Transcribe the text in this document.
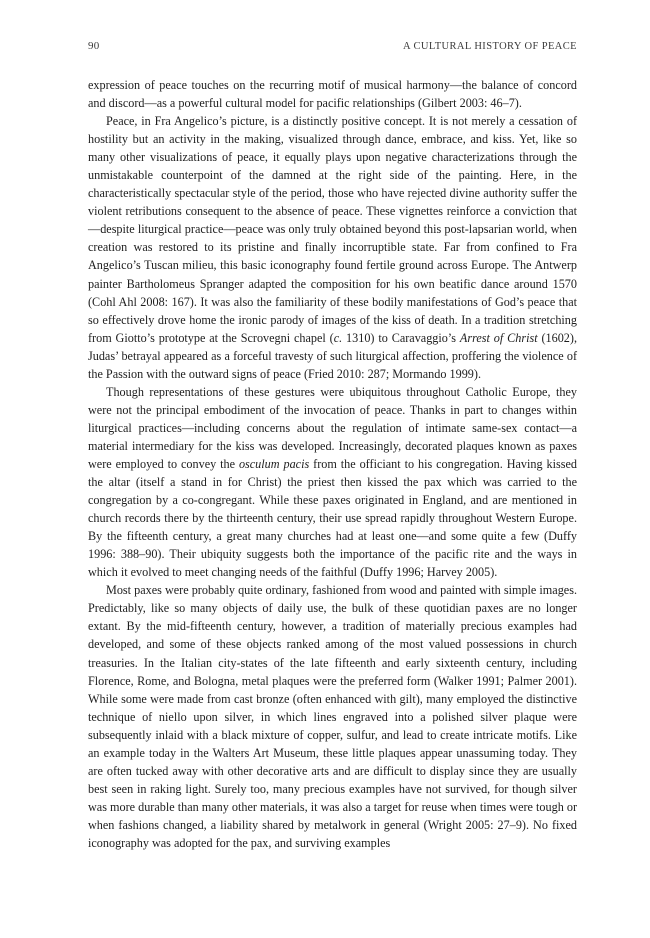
90	A CULTURAL HISTORY OF PEACE

expression of peace touches on the recurring motif of musical harmony—the balance of concord and discord—as a powerful cultural model for pacific relationships (Gilbert 2003: 46–7).

Peace, in Fra Angelico’s picture, is a distinctly positive concept. It is not merely a cessation of hostility but an activity in the making, visualized through dance, embrace, and kiss. Yet, like so many other visualizations of peace, it equally plays upon negative characterizations through the unmistakable counterpoint of the damned at the right side of the painting. Here, in the characteristically spectacular style of the period, those who have rejected divine authority suffer the violent retributions consequent to the absence of peace. These vignettes reinforce a conviction that—despite liturgical practice—peace was only truly obtained beyond this post-lapsarian world, when creation was restored to its pristine and finally incorruptible state. Far from confined to Fra Angelico’s Tuscan milieu, this basic iconography found fertile ground across Europe. The Antwerp painter Bartholomeus Spranger adapted the composition for his own beatific dance around 1570 (Cohl Ahl 2008: 167). It was also the familiarity of these bodily manifestations of God’s peace that so effectively drove home the ironic parody of images of the kiss of death. In a tradition stretching from Giotto’s prototype at the Scrovegni chapel (c. 1310) to Caravaggio’s Arrest of Christ (1602), Judas’ betrayal appeared as a forceful travesty of such liturgical affection, proffering the violence of the Passion with the outward signs of peace (Fried 2010: 287; Mormando 1999).

Though representations of these gestures were ubiquitous throughout Catholic Europe, they were not the principal embodiment of the invocation of peace. Thanks in part to changes within liturgical practices—including concerns about the regulation of intimate same-sex contact—a material intermediary for the kiss was developed. Increasingly, decorated plaques known as paxes were employed to convey the osculum pacis from the officiant to his congregation. Having kissed the altar (itself a stand in for Christ) the priest then kissed the pax which was carried to the congregation by a co-congregant. While these paxes originated in England, and are mentioned in church records there by the thirteenth century, their use spread rapidly throughout Western Europe. By the fifteenth century, a great many churches had at least one—and some quite a few (Duffy 1996: 388–90). Their ubiquity suggests both the importance of the pacific rite and the ways in which it evolved to meet changing needs of the faithful (Duffy 1996; Harvey 2005).

Most paxes were probably quite ordinary, fashioned from wood and painted with simple images. Predictably, like so many objects of daily use, the bulk of these quotidian paxes are no longer extant. By the mid-fifteenth century, however, a tradition of materially precious examples had developed, and some of these objects ranked among of the most valued possessions in church treasuries. In the Italian city-states of the late fifteenth and early sixteenth century, including Florence, Rome, and Bologna, metal plaques were the preferred form (Walker 1991; Palmer 2001). While some were made from cast bronze (often enhanced with gilt), many employed the distinctive technique of niello upon silver, in which lines engraved into a polished silver plaque were subsequently inlaid with a black mixture of copper, sulfur, and lead to create intricate motifs. Like an example today in the Walters Art Museum, these little plaques appear unassuming today. They are often tucked away with other decorative arts and are difficult to display since they are usually best seen in raking light. Surely too, many precious examples have not survived, for though silver was more durable than many other materials, it was also a target for reuse when times were tough or when fashions changed, a liability shared by metalwork in general (Wright 2005: 27–9). No fixed iconography was adopted for the pax, and surviving examples
